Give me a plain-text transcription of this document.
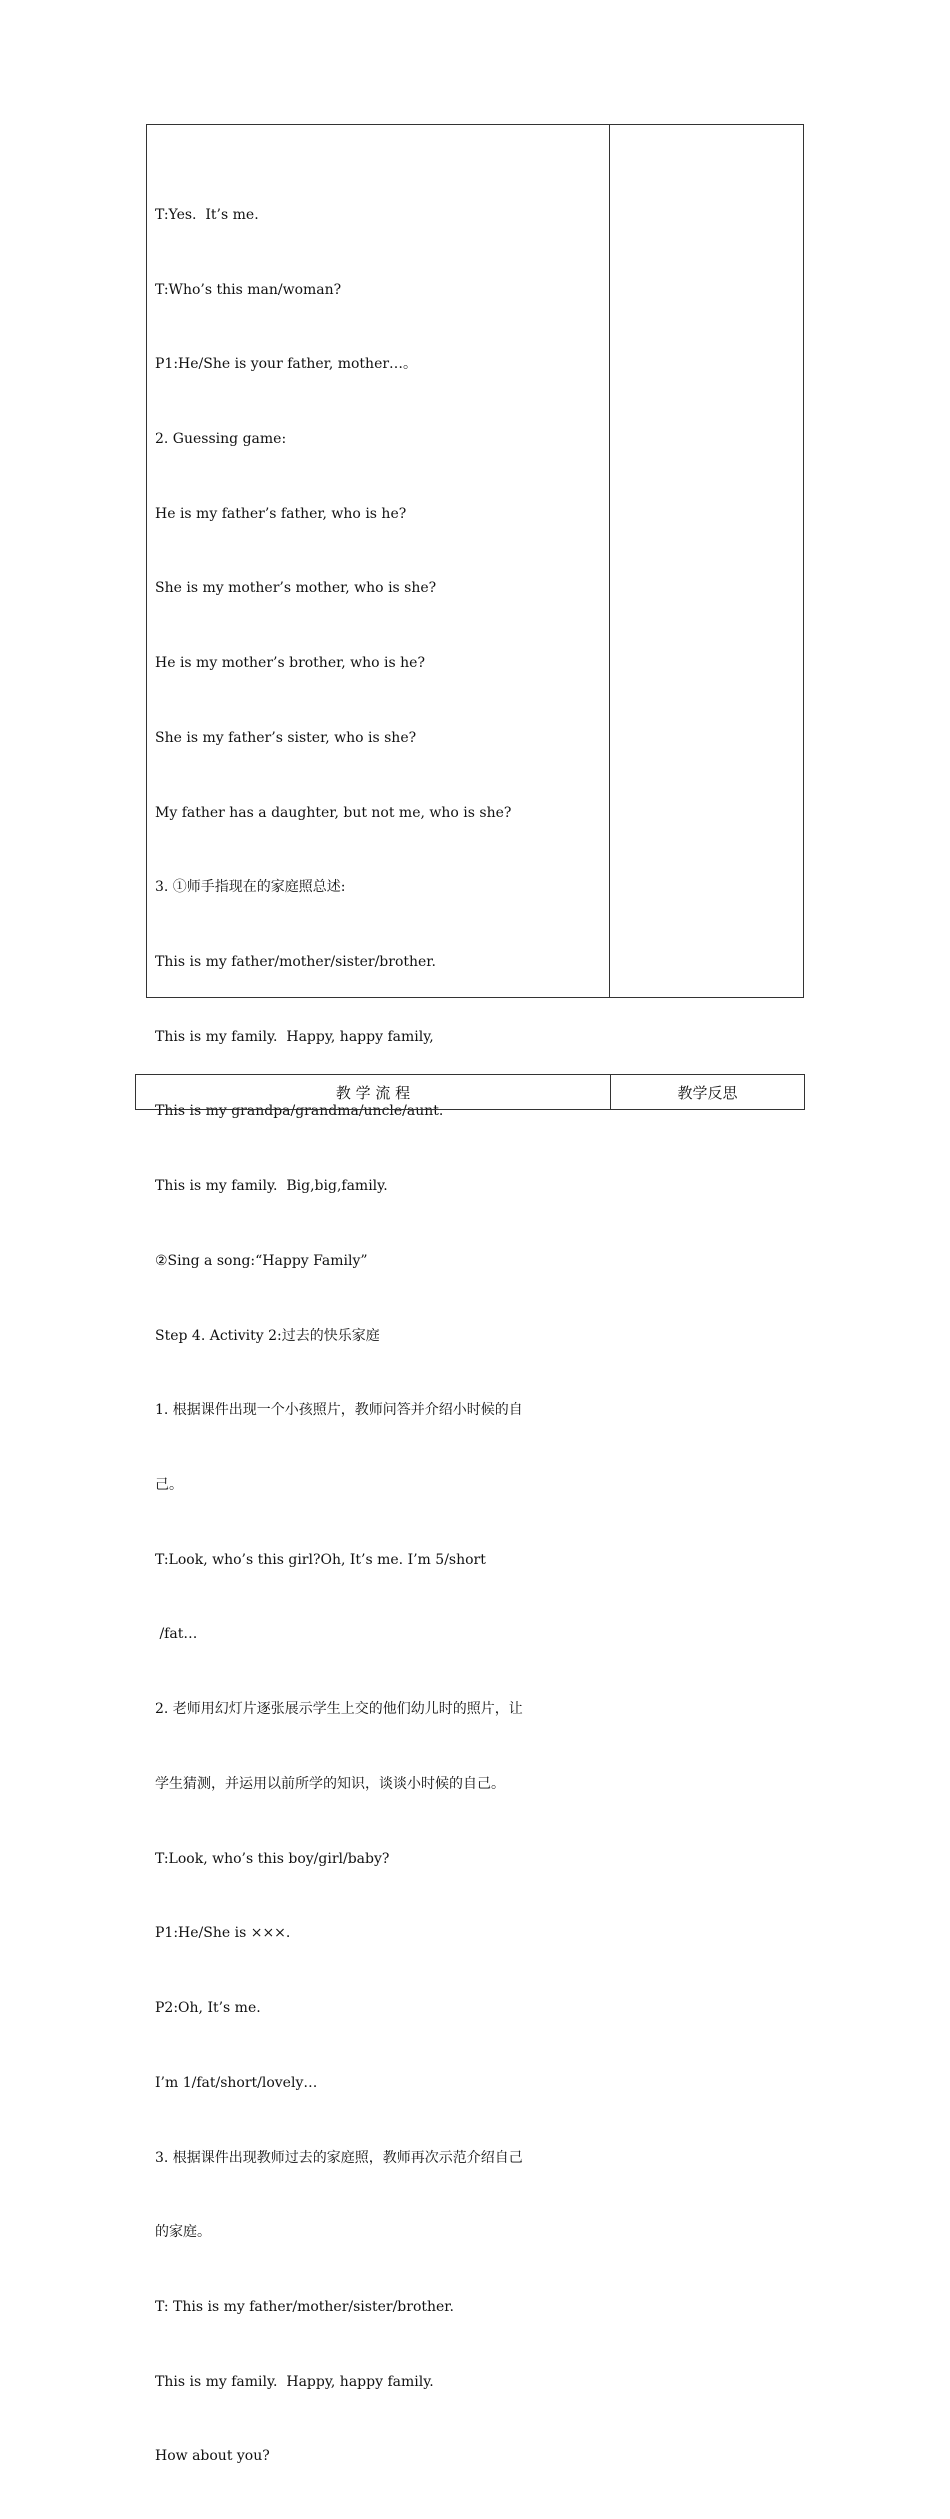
T:Yes.  It’s me.

T:Who’s this man/woman?

P1:He/She is your father, mother…。

2. Guessing game:

He is my father’s father, who is he?

She is my mother’s mother, who is she?

He is my mother’s brother, who is he?

She is my father’s sister, who is she?

My father has a daughter, but not me, who is she?

3. ①师手指现在的家庭照总述:

This is my father/mother/sister/brother.

This is my family.  Happy, happy family,

This is my grandpa/grandma/uncle/aunt.

This is my family.  Big,big,family.

②Sing a song:“Happy Family”

Step 4. Activity 2:过去的快乐家庭

1. 根据课件出现一个小孩照片，教师问答并介绍小时候的自

己。

T:Look, who’s this girl?Oh, It’s me. I’m 5/short

/fat…

2. 老师用幻灯片逐张展示学生上交的他们幼儿时的照片，让

学生猜测，并运用以前所学的知识，谈谈小时候的自己。

T:Look, who’s this boy/girl/baby?

P1:He/She is ×××.

P2:Oh, It’s me.

I’m 1/fat/short/lovely…

3. 根据课件出现教师过去的家庭照，教师再次示范介绍自己

的家庭。

T: This is my father/mother/sister/brother.

This is my family.  Happy, happy family.

How about you?

教 学 流 程	教学反思
